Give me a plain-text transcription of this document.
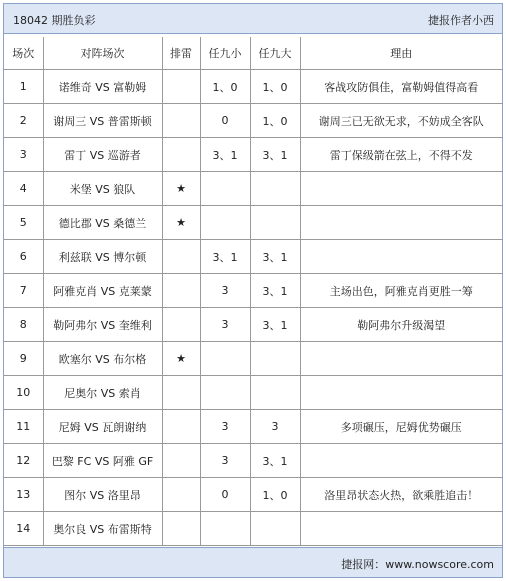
18042 期胜负彩	捷报作者小西
场次	对阵场次	排雷	任九小	任九大	理由
1	诺维奇 VS 富勒姆		1、0	1、0	客战攻防俱佳，富勒姆值得高看
2	谢周三 VS 普雷斯顿		0	1、0	谢周三已无欲无求，不妨成全客队
3	雷丁 VS 巡游者		3、1	3、1	雷丁保级箭在弦上，不得不发
4	米堡 VS 狼队	★			
5	德比郡 VS 桑德兰	★			
6	利兹联 VS 博尔顿		3、1	3、1	
7	阿雅克肖 VS 克莱蒙		3	3、1	主场出色，阿雅克肖更胜一筹
8	勒阿弗尔 VS 奎维利		3	3、1	勒阿弗尔升级渴望
9	欧塞尔 VS 布尔格	★			
10	尼奥尔 VS 索肖				
11	尼姆 VS 瓦朗谢纳		3	3	多项碾压，尼姆优势碾压
12	巴黎 FC VS 阿雅 GF		3	3、1	
13	图尔 VS 洛里昂		0	1、0	洛里昂状态火热，欲乘胜追击！
14	奥尔良 VS 布雷斯特				
捷报网：www.nowscore.com
